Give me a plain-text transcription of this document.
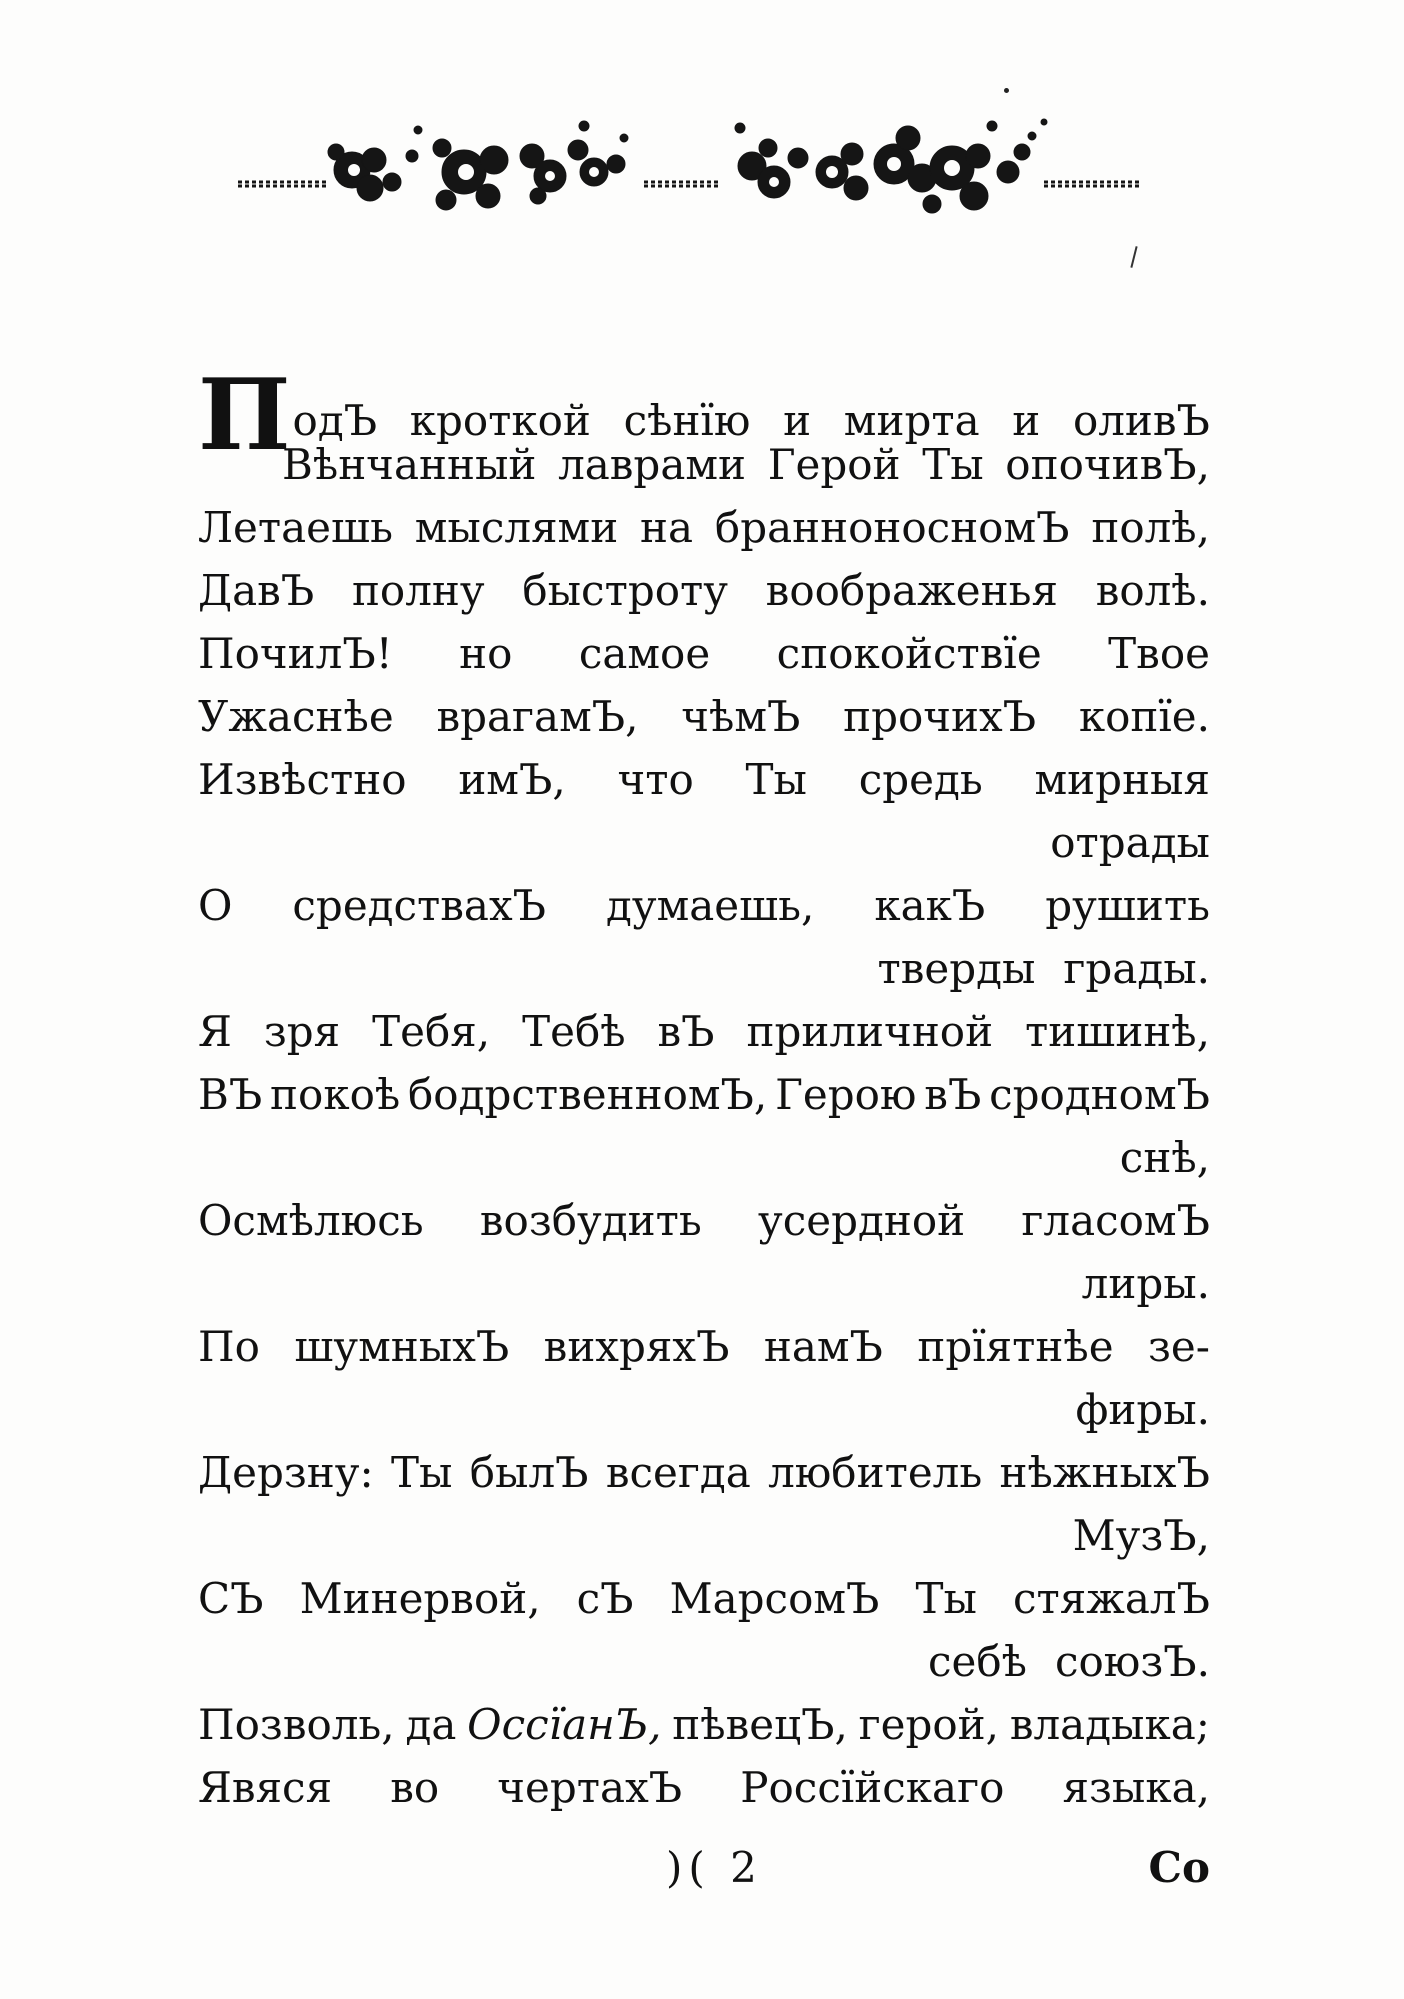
ПодЪ кроткой сѣнїю и мирта и оливЪ
Вѣнчанный лаврами Герой Ты опочивЪ,
Летаешь мыслями на бранноносномЪ полѣ,
ДавЪ полну быстроту воображенья волѣ.
ПочилЪ! но самое спокойствїе Твое
Ужаснѣе врагамЪ, чѣмЪ прочихЪ копїе.
Извѣстно имЪ, что Ты средь мирныя
отрады
О средствахЪ думаешь, какЪ рушить
тверды грады.
Я зря Тебя, Тебѣ вЪ приличной тишинѣ,
ВЪ покоѣ бодрственномЪ, Герою вЪ сродномЪ
снѣ,
Осмѣлюсь возбудить усердной гласомЪ
лиры.
По шумныхЪ вихряхЪ намЪ прїятнѣе зе-
фиры.
Дерзну: Ты былЪ всегда любитель нѣжныхЪ
МузЪ,
СЪ Минервой, сЪ МарсомЪ Ты стяжалЪ
себѣ союзЪ.
Позволь, да ОссїанЪ, пѣвецЪ, герой, владыка;
Явяся во чертахЪ Россїйскаго языка,
)( 2	Co
